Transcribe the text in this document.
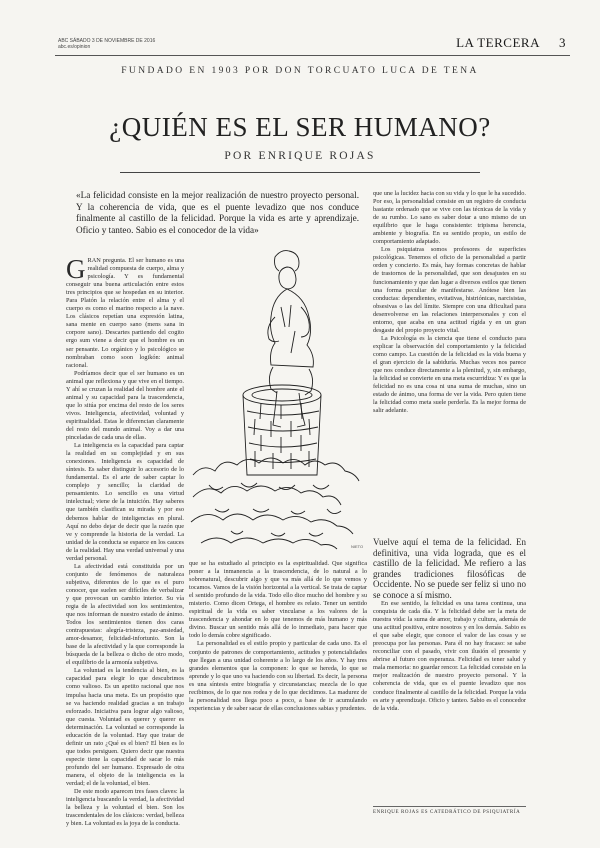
ABC SÁBADO 3 DE NOVIEMBRE DE 2016
abc.es/opinion	LA TERCERA 3
FUNDADO EN 1903 POR DON TORCUATO LUCA DE TENA
¿QUIÉN ES EL SER HUMANO?
POR ENRIQUE ROJAS
«La felicidad consiste en la mejor realización de nuestro proyecto personal. Y la coherencia de vida, que es el puente levadizo que nos conduce finalmente al castillo de la felicidad. Porque la vida es arte y aprendizaje. Oficio y tanteo. Sabio es el conocedor de la vida»

G RAN pregunta. El ser humano es una realidad compuesta de cuerpo, alma y psicología. Y es fundamental conseguir una buena articulación entre estos tres principios que se hospedan en su interior. Para Platón la relación entre el alma y el cuerpo es como el marino respecto a la nave. Los clásicos repetían una expresión latina, sana mente en cuerpo sano (mens sana in corpore sano). Descartes partiendo del cogito ergo sum viene a decir que el hombre es un ser pensante. Lo orgánico y lo psicológico se nombraban como soon logikón: animal racional.

Podríamos decir que el ser humano es un animal que reflexiona y que vive en el tiempo. Y ahí se cruzan la realidad del hombre ante el animal y su capacidad para la trascendencia, que lo sitúa por encima del resto de los seres vivos. Inteligencia, afectividad, voluntad y espiritualidad. Estas le diferencian claramente del resto del mundo animal. Voy a dar una pinceladas de cada una de ellas.

La inteligencia es la capacidad para captar la realidad en su complejidad y en sus conexiones. Inteligencia es capacidad de síntesis. Es saber distinguir lo accesorio de lo fundamental. Es el arte de saber captar lo complejo y sencillo; la claridad de pensamiento. Lo sencillo es una virtud intelectual; viene de la intuición. Hay saberes que también clasifican su mirada y por eso debemos hablar de inteligencias en plural. Aquí no debo dejar de decir que la razón que ve y comprende la historia de la verdad. La unidad de la conducta se esparce en los cauces de la realidad. Hay una verdad universal y una verdad personal.

La afectividad está constituida por un conjunto de fenómenos de naturaleza subjetiva, diferentes de lo que es el puro conocer, que suelen ser difíciles de verbalizar y que provocan un cambio interior. Su vía regia de la afectividad son los sentimientos, que nos informan de nuestro estado de ánimo. Todos los sentimientos tienen dos caras contrapuestas: alegría-tristeza, paz-ansiedad, amor-desamor, felicidad-infortunio. Son la base de la afectividad y la que corresponde la búsqueda de la belleza o dicho de otro modo, el equilibrio de la armonía subjetiva.

La voluntad es la tendencia al bien, es la capacidad para elegir lo que descubrimos como valioso. Es un apetito racional que nos impulsa hacia una meta. Es un propósito que se va haciendo realidad gracias a un trabajo esforzado. Iniciativa para lograr algo valioso, que cuesta. Voluntad es querer y querer es determinación. La voluntad se corresponde la educación de la voluntad. Hay que tratar de definir un rato ¿Qué es el bien? El bien es lo que todos persiguen. Quiero decir que nuestra especie tiene la capacidad de sacar lo más profundo del ser humano. Expresado de otra manera, el objeto de la inteligencia es la verdad; el de la voluntad, el bien.

De este modo aparecen tres fases claves: la inteligencia buscando la verdad, la afectividad la belleza y la voluntad el bien. Son los trascendentales de los clásicos: verdad, belleza y bien. La voluntad es la joya de la conducta.

NIETO

que se ha estudiado al principio es la espiritualidad. Que significa poner a la inmanencia a la trascendencia, de lo natural a lo sobrenatural, descubrir algo y que va más allá de lo que vemos y tocamos. Vamos de la visión horizontal a la vertical. Se trata de captar el sentido profundo de la vida. Todo ello dice mucho del hombre y su misterio. Como dicen Ortega, el hombre es relato. Tener un sentido espiritual de la vida es saber vincularse a los valores de la trascendencia y ahondar en lo que tenemos de más humano y más divino. Buscar un sentido más allá de lo inmediato, para hacer que todo lo demás cobre significado.

La personalidad es el estilo propio y particular de cada uno. Es el conjunto de patrones de comportamiento, actitudes y potencialidades que llegan a una unidad coherente a lo largo de los años. Y hay tres grandes elementos que la componen: lo que se hereda, lo que se aprende y lo que uno va haciendo con su libertad. Es decir, la persona es una síntesis entre biografía y circunstancias; mezcla de lo que recibimos, de lo que nos rodea y de lo que decidimos. La madurez de la personalidad nos llega poco a poco, a base de ir acumulando experiencias y de saber sacar de ellas conclusiones sabias y prudentes.

que une la lucidez hacia con su vida y lo que le ha sucedido. Por eso, la personalidad consiste en un registro de conducta bastante ordenado que se vive con las técnicas de la vida y de su rumbo. Lo sano es saber dotar a uno mismo de un equilibrio que le haga consistente: tripisma herencia, ambiente y biografía. En su sentido propio, un estilo de comportamiento adaptado.

Los psiquiatras somos profesores de superficies psicológicas. Tenemos el oficio de la personalidad a partir orden y concierto. Es más, hay formas concretas de hablar de trastornos de la personalidad, que son desajustes en su funcionamiento y que dan lugar a diversos estilos que tienen una forma peculiar de manifestarse. Anótese bien las conductas: dependientes, evitativas, histriónicas, narcisistas, obsesivas o las del límite. Siempre con una dificultad para desenvolverse en las relaciones interpersonales y con el entorno, que acaba en una actitud rígida y en un gran desgaste del propio proyecto vital.

La Psicología es la ciencia que tiene el conducto para explicar la observación del comportamiento y la felicidad como campo. La cuestión de la felicidad es la vida buena y el gran ejercicio de la sabiduría. Muchas veces nos parece que nos conduce directamente a la plenitud, y, sin embargo, la felicidad se convierte en una meta escurridiza: Y es que la felicidad no es una cosa ni una suma de muchas, sino un estado de ánimo, una forma de ver la vida. Pero quien tiene la felicidad como meta suele perderla. Es la mejor forma de salir adelante.

Vuelve aquí el tema de la felicidad. En definitiva, una vida lograda, que es el castillo de la felicidad. Me refiero a las grandes tradiciones filosóficas de Occidente. No se puede ser feliz si uno no se conoce a sí mismo.

En ese sentido, la felicidad es una tarea continua, una conquista de cada día. Y la felicidad debe ser la meta de nuestra vida: la suma de amor, trabajo y cultura, además de una actitud positiva, entre nosotros y en los demás. Sabio es el que sabe elegir, que conoce el valor de las cosas y se preocupa por las personas. Para él no hay fracaso: se sabe reconciliar con el pasado, vivir con ilusión el presente y abrirse al futuro con esperanza. Felicidad es tener salud y mala memoria: no guardar rencor. La felicidad consiste en la mejor realización de nuestro proyecto personal. Y la coherencia de vida, que es el puente levadizo que nos conduce finalmente al castillo de la felicidad. Porque la vida es arte y aprendizaje. Oficio y tanteo. Sabio es el conocedor de la vida.

ENRIQUE ROJAS ES CATEDRÁTICO DE PSIQUIATRÍA
